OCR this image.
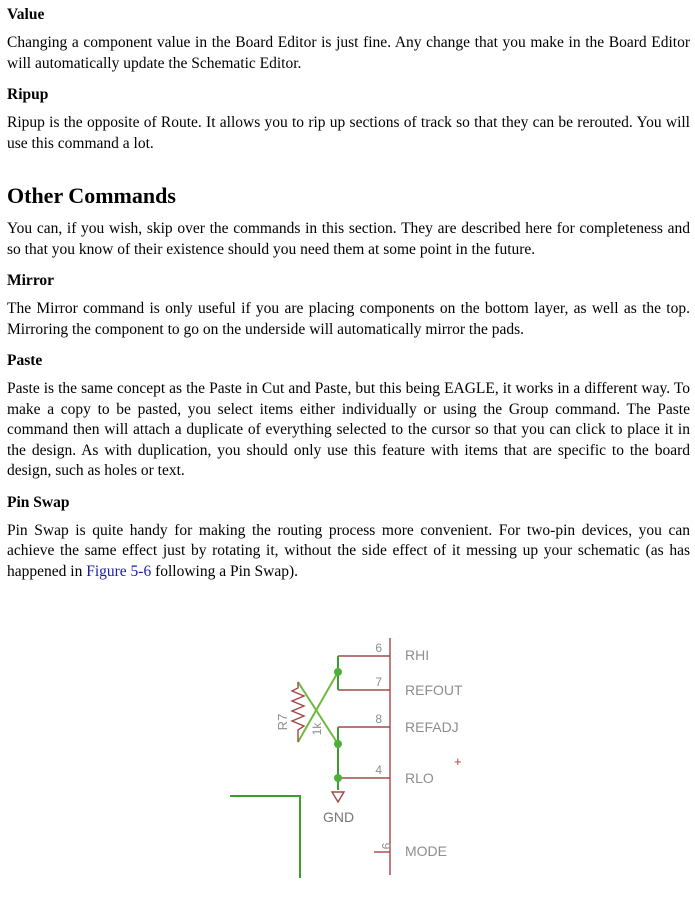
Value

Changing a component value in the Board Editor is just fine. Any change that you make in the Board Editor will automatically update the Schematic Editor.

Ripup

Ripup is the opposite of Route. It allows you to rip up sections of track so that they can be rerouted. You will use this command a lot.

Other Commands

You can, if you wish, skip over the commands in this section. They are described here for completeness and so that you know of their existence should you need them at some point in the future.

Mirror

The Mirror command is only useful if you are placing components on the bottom layer, as well as the top. Mirroring the component to go on the underside will automatically mirror the pads.

Paste

Paste is the same concept as the Paste in Cut and Paste, but this being EAGLE, it works in a different way. To make a copy to be pasted, you select items either individually or using the Group command. The Paste command then will attach a duplicate of everything selected to the cursor so that you can click to place it in the design. As with duplication, you should only use this feature with items that are specific to the board design, such as holes or text.

Pin Swap

Pin Swap is quite handy for making the routing process more convenient. For two-pin devices, you can achieve the same effect just by rotating it, without the side effect of it messing up your schematic (as has happened in Figure 5-6 following a Pin Swap).

6
7
8
4
9
RHI
REFOUT
REFADJ
RLO
MODE
R7 1k
GND
+
